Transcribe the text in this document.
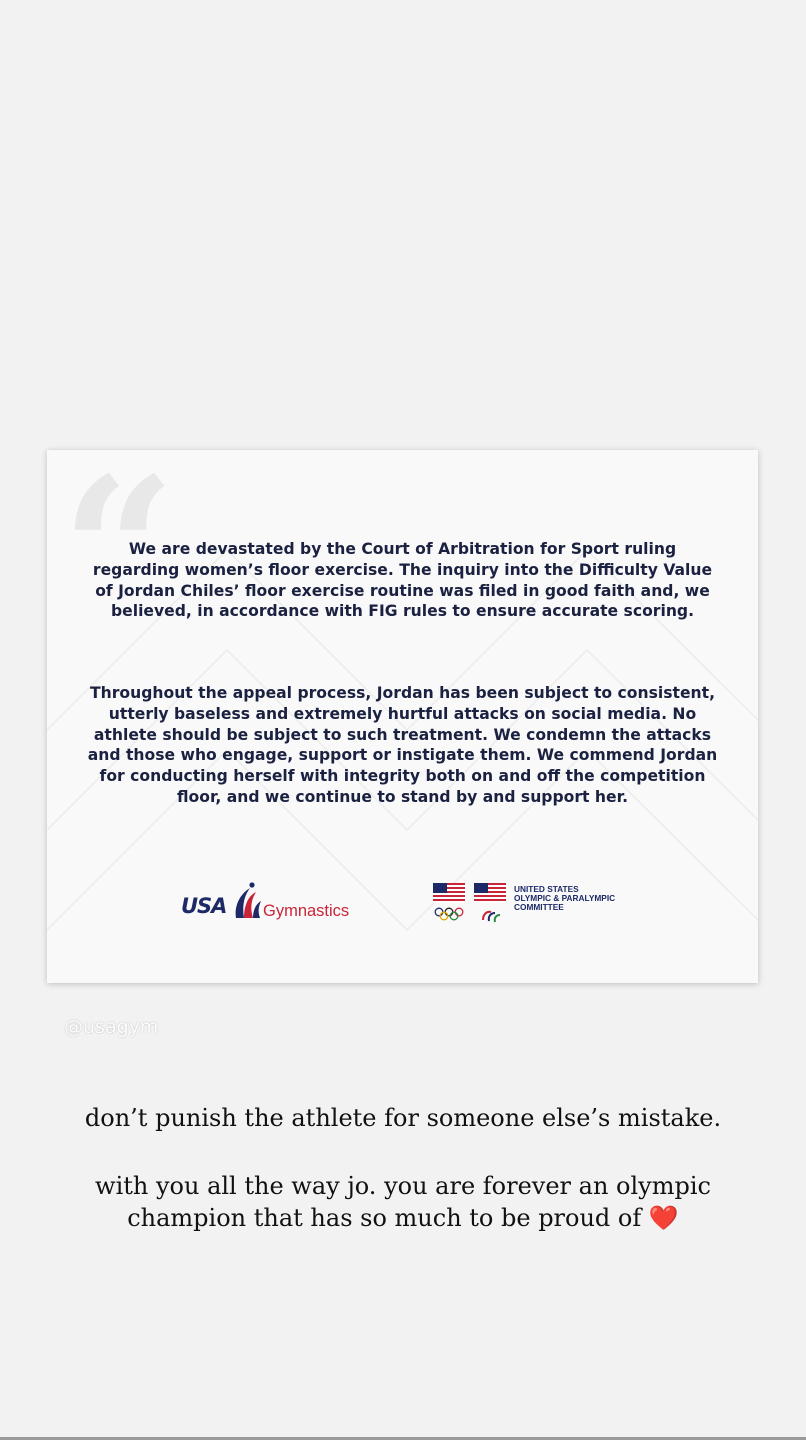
“

We are devastated by the Court of Arbitration for Sport ruling regarding women’s floor exercise. The inquiry into the Difficulty Value of Jordan Chiles’ floor exercise routine was filed in good faith and, we believed, in accordance with FIG rules to ensure accurate scoring.

Throughout the appeal process, Jordan has been subject to consistent, utterly baseless and extremely hurtful attacks on social media. No athlete should be subject to such treatment. We condemn the attacks and those who engage, support or instigate them. We commend Jordan for conducting herself with integrity both on and off the competition floor, and we continue to stand by and support her.

USA Gymnastics

UNITED STATES
OLYMPIC & PARALYMPIC
COMMITTEE

@usagym

don’t punish the athlete for someone else’s mistake.

with you all the way jo. you are forever an olympic champion that has so much to be proud of ❤️
